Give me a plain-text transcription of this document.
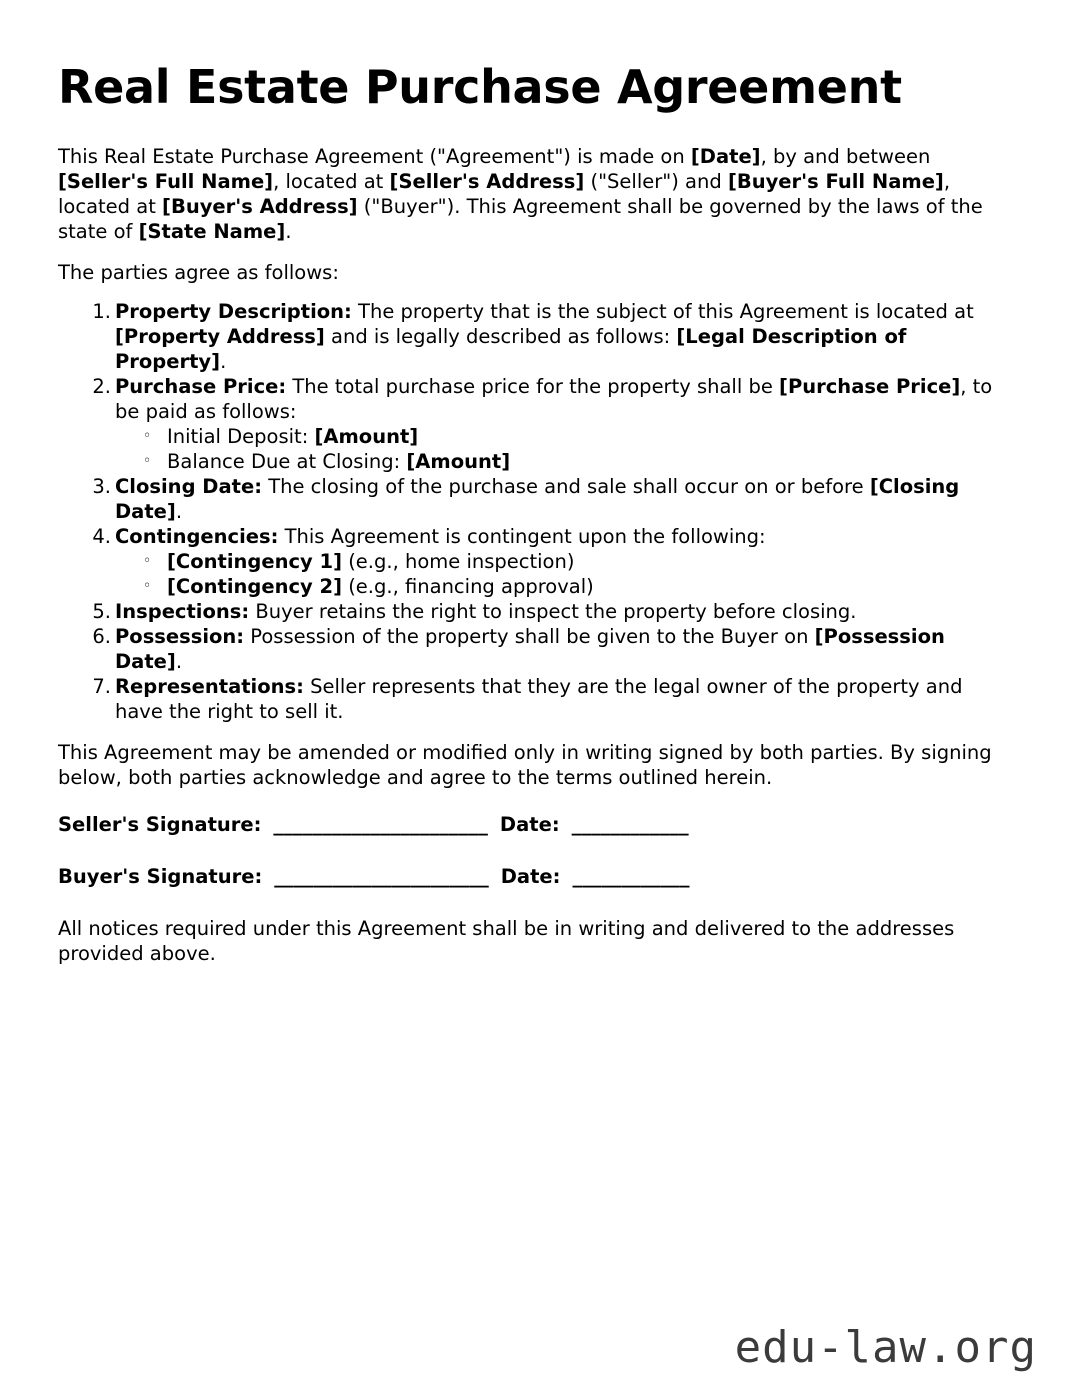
Real Estate Purchase Agreement

This Real Estate Purchase Agreement ("Agreement") is made on [Date], by and between [Seller's Full Name], located at [Seller's Address] ("Seller") and [Buyer's Full Name], located at [Buyer's Address] ("Buyer"). This Agreement shall be governed by the laws of the state of [State Name].

The parties agree as follows:

1. Property Description: The property that is the subject of this Agreement is located at [Property Address] and is legally described as follows: [Legal Description of Property].
2. Purchase Price: The total purchase price for the property shall be [Purchase Price], to be paid as follows:
◦ Initial Deposit: [Amount]
◦ Balance Due at Closing: [Amount]
3. Closing Date: The closing of the purchase and sale shall occur on or before [Closing Date].
4. Contingencies: This Agreement is contingent upon the following:
◦ [Contingency 1] (e.g., home inspection)
◦ [Contingency 2] (e.g., financing approval)
5. Inspections: Buyer retains the right to inspect the property before closing.
6. Possession: Possession of the property shall be given to the Buyer on [Possession Date].
7. Representations: Seller represents that they are the legal owner of the property and have the right to sell it.

This Agreement may be amended or modified only in writing signed by both parties. By signing below, both parties acknowledge and agree to the terms outlined herein.

Seller's Signature: ______________________ Date: ____________
Buyer's Signature: ______________________ Date: ____________

All notices required under this Agreement shall be in writing and delivered to the addresses provided above.

edu-law.org
